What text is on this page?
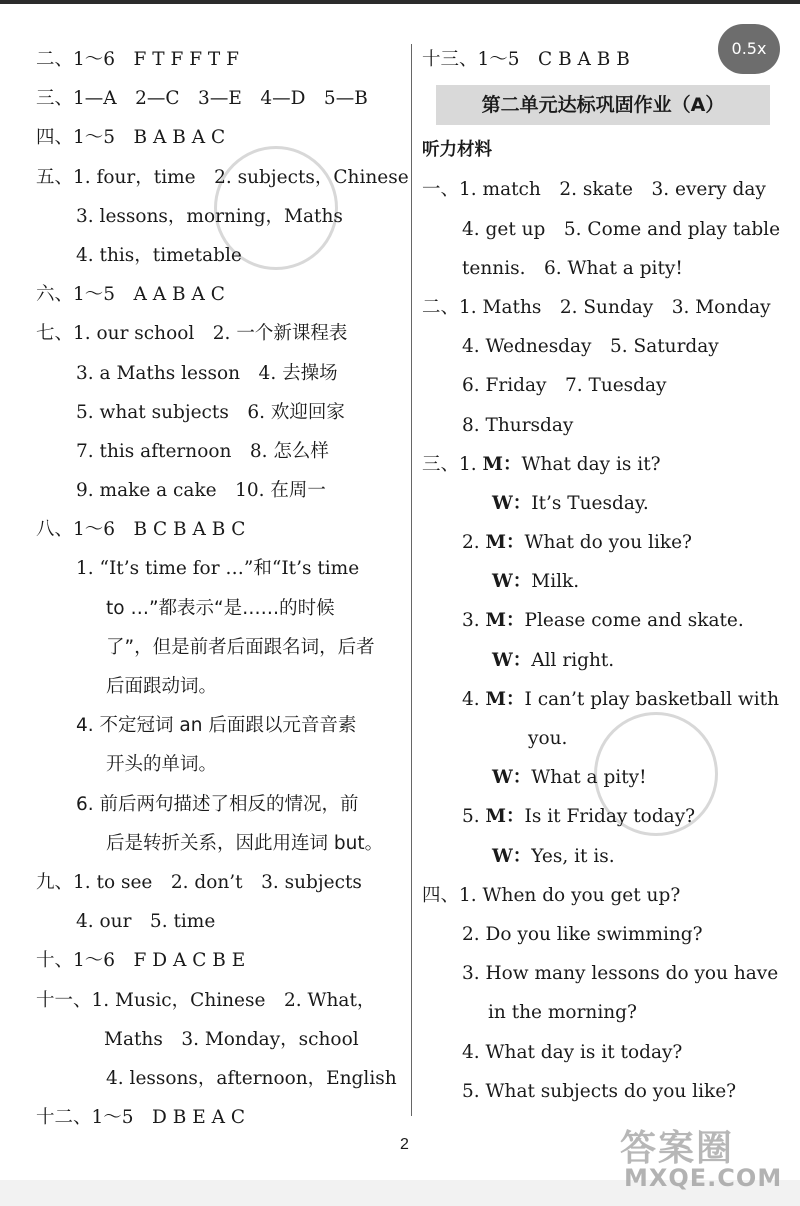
0.5x
二、1～6　F T F F T F
三、1—A　2—C　3—E　4—D　5—B
四、1～5　B A B A C
五、1. four，time　2. subjects，Chinese
3. lessons，morning，Maths
4. this，timetable
六、1～5　A A B A C
七、1. our school　2. 一个新课程表
3. a Maths lesson　4. 去操场
5. what subjects　6. 欢迎回家
7. this afternoon　8. 怎么样
9. make a cake　10. 在周一
八、1～6　B C B A B C
1. “It’s time for …”和“It’s time
to …”都表示“是……的时候
了”，但是前者后面跟名词，后者
后面跟动词。
4. 不定冠词 an 后面跟以元音音素
开头的单词。
6. 前后两句描述了相反的情况，前
后是转折关系，因此用连词 but。
九、1. to see　2. don’t　3. subjects
4. our　5. time
十、1～6　F D A C B E
十一、1. Music，Chinese　2. What，
Maths　3. Monday，school
4. lessons，afternoon，English
十二、1～5　D B E A C
十三、1～5　C B A B B
第二单元达标巩固作业（A）
听力材料
一、1. match　2. skate　3. every day
4. get up　5. Come and play table
tennis.　6. What a pity!
二、1. Maths　2. Sunday　3. Monday
4. Wednesday　5. Saturday
6. Friday　7. Tuesday
8. Thursday
三、1. M：What day is it?
W：It’s Tuesday.
2. M：What do you like?
W：Milk.
3. M：Please come and skate.
W：All right.
4. M：I can’t play basketball with
you.
W：What a pity!
5. M：Is it Friday today?
W：Yes, it is.
四、1. When do you get up?
2. Do you like swimming?
3. How many lessons do you have
in the morning?
4. What day is it today?
5. What subjects do you like?
2	答案圈
MXQE.COM
